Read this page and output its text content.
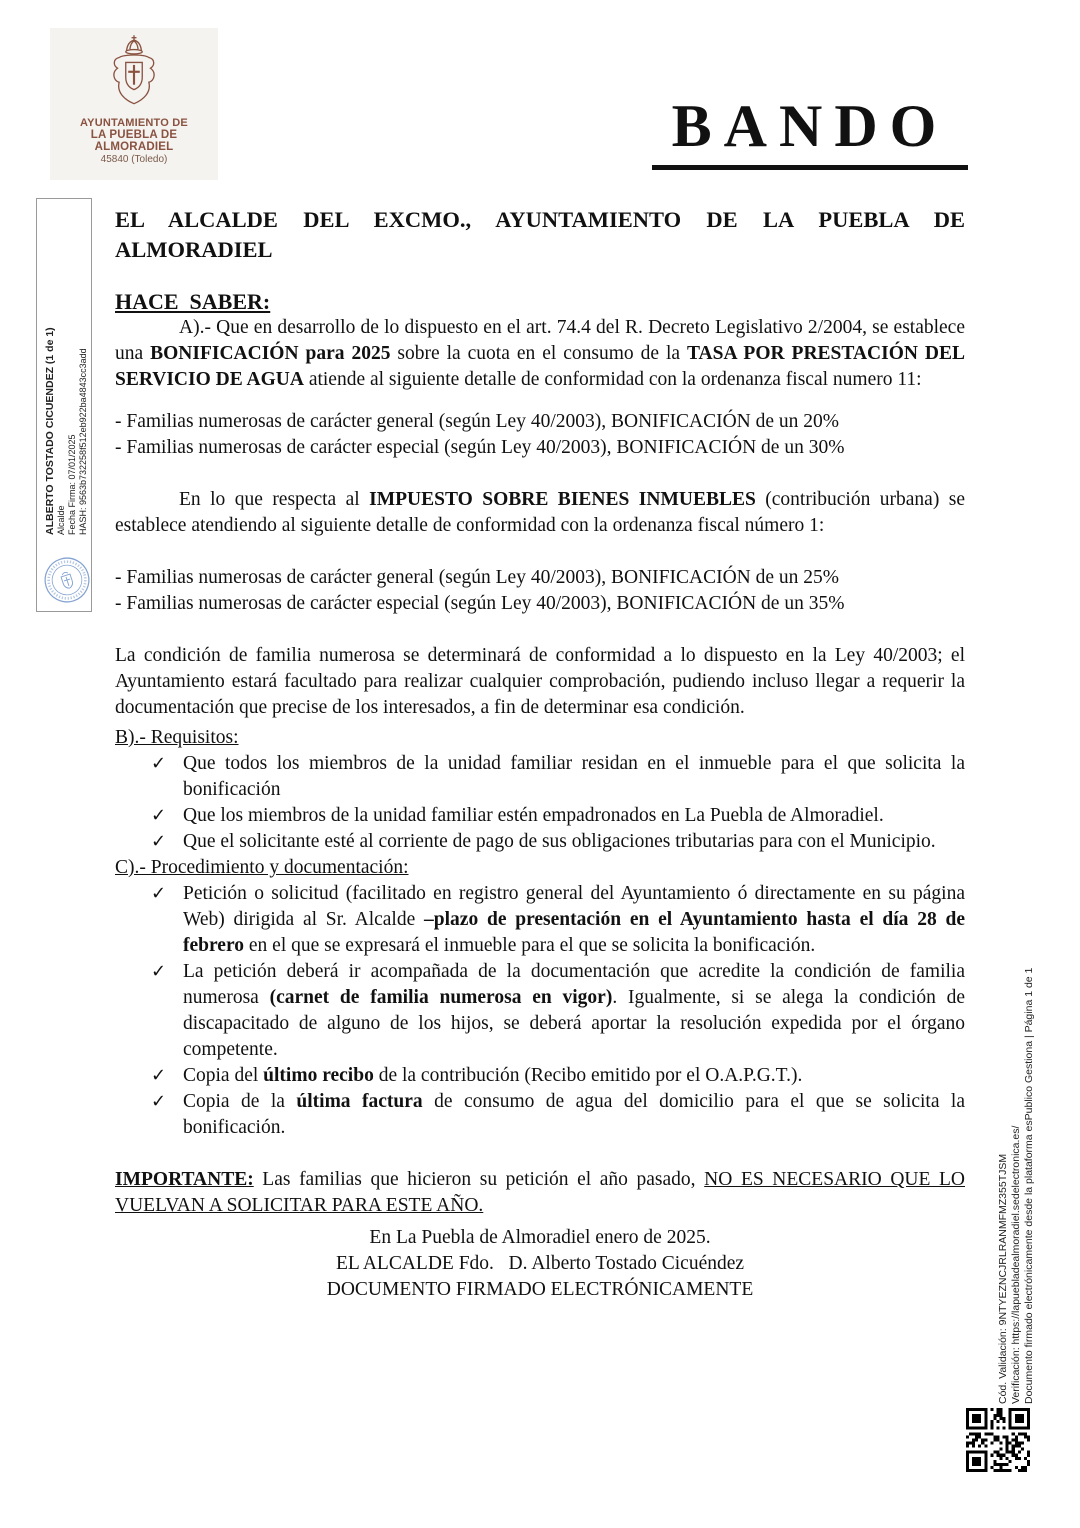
AYUNTAMIENTO DE
LA PUEBLA DE ALMORADIEL
45840 (Toledo)
BANDO
ALBERTO TOSTADO CICUENDEZ (1 de 1) Alcalde Fecha Firma: 07/01/2025 HASH: 9563b732258f512eb922ba4843cc3add
EL ALCALDE DEL EXCMO., AYUNTAMIENTO DE LA PUEBLA DE
ALMORADIEL
HACE  SABER:

A).- Que en desarrollo de lo dispuesto en el art. 74.4 del R. Decreto Legislativo 2/2004, se establece una BONIFICACIÓN para 2025 sobre la cuota en el consumo de la TASA POR PRESTACIÓN DEL SERVICIO DE AGUA atiende al siguiente detalle de conformidad con la ordenanza fiscal numero 11:

- Familias numerosas de carácter general (según Ley 40/2003), BONIFICACIÓN de un 20%
- Familias numerosas de carácter especial (según Ley 40/2003), BONIFICACIÓN de un 30%

En lo que respecta al IMPUESTO SOBRE BIENES INMUEBLES (contribución urbana) se establece atendiendo al siguiente detalle de conformidad con la ordenanza fiscal número 1:

- Familias numerosas de carácter general (según Ley 40/2003), BONIFICACIÓN de un 25%
- Familias numerosas de carácter especial (según Ley 40/2003), BONIFICACIÓN de un 35%

La condición de familia numerosa se determinará de conformidad a lo dispuesto en la Ley 40/2003; el Ayuntamiento estará facultado para realizar cualquier comprobación, pudiendo incluso llegar a requerir la documentación que precise de los interesados, a fin de determinar esa condición.

B).- Requisitos:
✓ Que todos los miembros de la unidad familiar residan en el inmueble para el que solicita la bonificación
✓ Que los miembros de la unidad familiar estén empadronados en La Puebla de Almoradiel.
✓ Que el solicitante esté al corriente de pago de sus obligaciones tributarias para con el Municipio.
C).- Procedimiento y documentación:
✓ Petición o solicitud (facilitado en registro general del Ayuntamiento ó directamente en su página Web) dirigida al Sr. Alcalde –plazo de presentación en el Ayuntamiento hasta el día 28 de febrero en el que se expresará el inmueble para el que se solicita la bonificación.
✓ La petición deberá ir acompañada de la documentación que acredite la condición de familia numerosa (carnet de familia numerosa en vigor). Igualmente, si se alega la condición de discapacitado de alguno de los hijos, se deberá aportar la resolución expedida por el órgano competente.
✓ Copia del último recibo de la contribución (Recibo emitido por el O.A.P.G.T.).
✓ Copia de la última factura de consumo de agua del domicilio para el que se solicita la bonificación.

IMPORTANTE: Las familias que hicieron su petición el año pasado, NO ES NECESARIO QUE LO VUELVAN A SOLICITAR PARA ESTE AÑO.

En La Puebla de Almoradiel enero de 2025.
EL ALCALDE Fdo.   D. Alberto Tostado Cicuéndez
DOCUMENTO FIRMADO ELECTRÓNICAMENTE	Cód. Validación: 9NTYEZNCJRLRANMFMZ355TJSM Verificación: https://lapuebladealmoradiel.sedelectronica.es/ Documento firmado electrónicamente desde la plataforma esPublico Gestiona | Página 1 de 1
